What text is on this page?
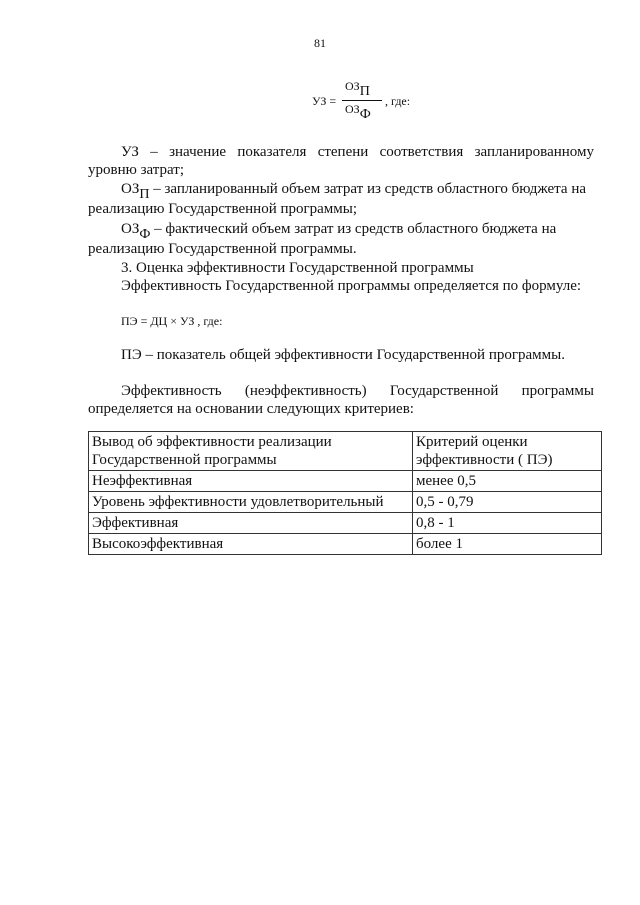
81
УЗ =
ОЗП
ОЗФ
, где:
УЗ – значение показателя степени соответствия запланированному
уровню затрат;
ОЗП – запланированный объем затрат из средств областного бюджета на
реализацию Государственной программы;
ОЗФ – фактический объем затрат из средств областного бюджета на
реализацию Государственной программы.
3. Оценка эффективности Государственной программы
Эффективность Государственной программы определяется по формуле:
ПЭ = ДЦ × УЗ , где:
ПЭ – показатель общей эффективности Государственной программы.
Эффективность (неэффективность) Государственной программы
определяется на основании следующих критериев:
Вывод об эффективности реализации
Государственной программы	Критерий оценки
эффективности ( ПЭ)
Неэффективная	менее 0,5
Уровень эффективности удовлетворительный	0,5 - 0,79
Эффективная	0,8 - 1
Высокоэффективная	более 1
